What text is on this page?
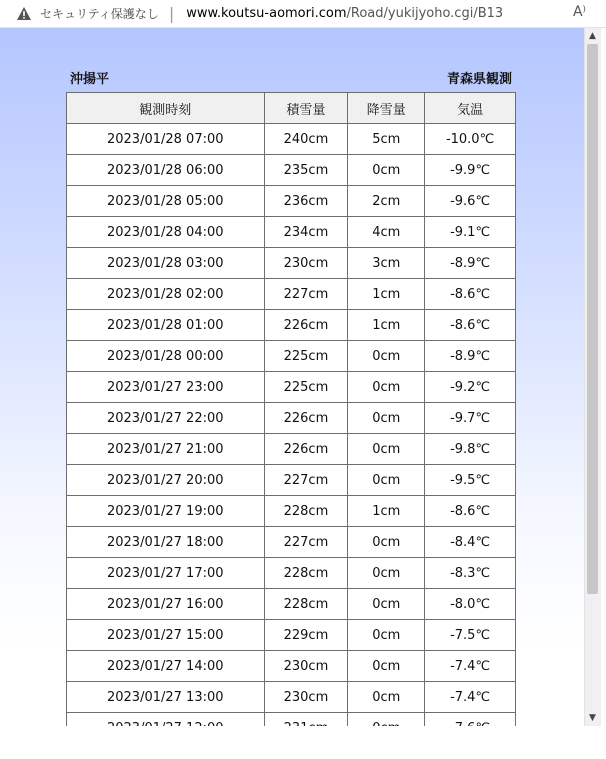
セキュリティ保護なし | www.koutsu-aomori.com/Road/yukijyoho.cgi/B13	A⁾
沖揚平	青森県観測
観測時刻	積雪量	降雪量	気温
2023/01/28 07:00	240cm	5cm	-10.0℃
2023/01/28 06:00	235cm	0cm	-9.9℃
2023/01/28 05:00	236cm	2cm	-9.6℃
2023/01/28 04:00	234cm	4cm	-9.1℃
2023/01/28 03:00	230cm	3cm	-8.9℃
2023/01/28 02:00	227cm	1cm	-8.6℃
2023/01/28 01:00	226cm	1cm	-8.6℃
2023/01/28 00:00	225cm	0cm	-8.9℃
2023/01/27 23:00	225cm	0cm	-9.2℃
2023/01/27 22:00	226cm	0cm	-9.7℃
2023/01/27 21:00	226cm	0cm	-9.8℃
2023/01/27 20:00	227cm	0cm	-9.5℃
2023/01/27 19:00	228cm	1cm	-8.6℃
2023/01/27 18:00	227cm	0cm	-8.4℃
2023/01/27 17:00	228cm	0cm	-8.3℃
2023/01/27 16:00	228cm	0cm	-8.0℃
2023/01/27 15:00	229cm	0cm	-7.5℃
2023/01/27 14:00	230cm	0cm	-7.4℃
2023/01/27 13:00	230cm	0cm	-7.4℃

▲
▼
